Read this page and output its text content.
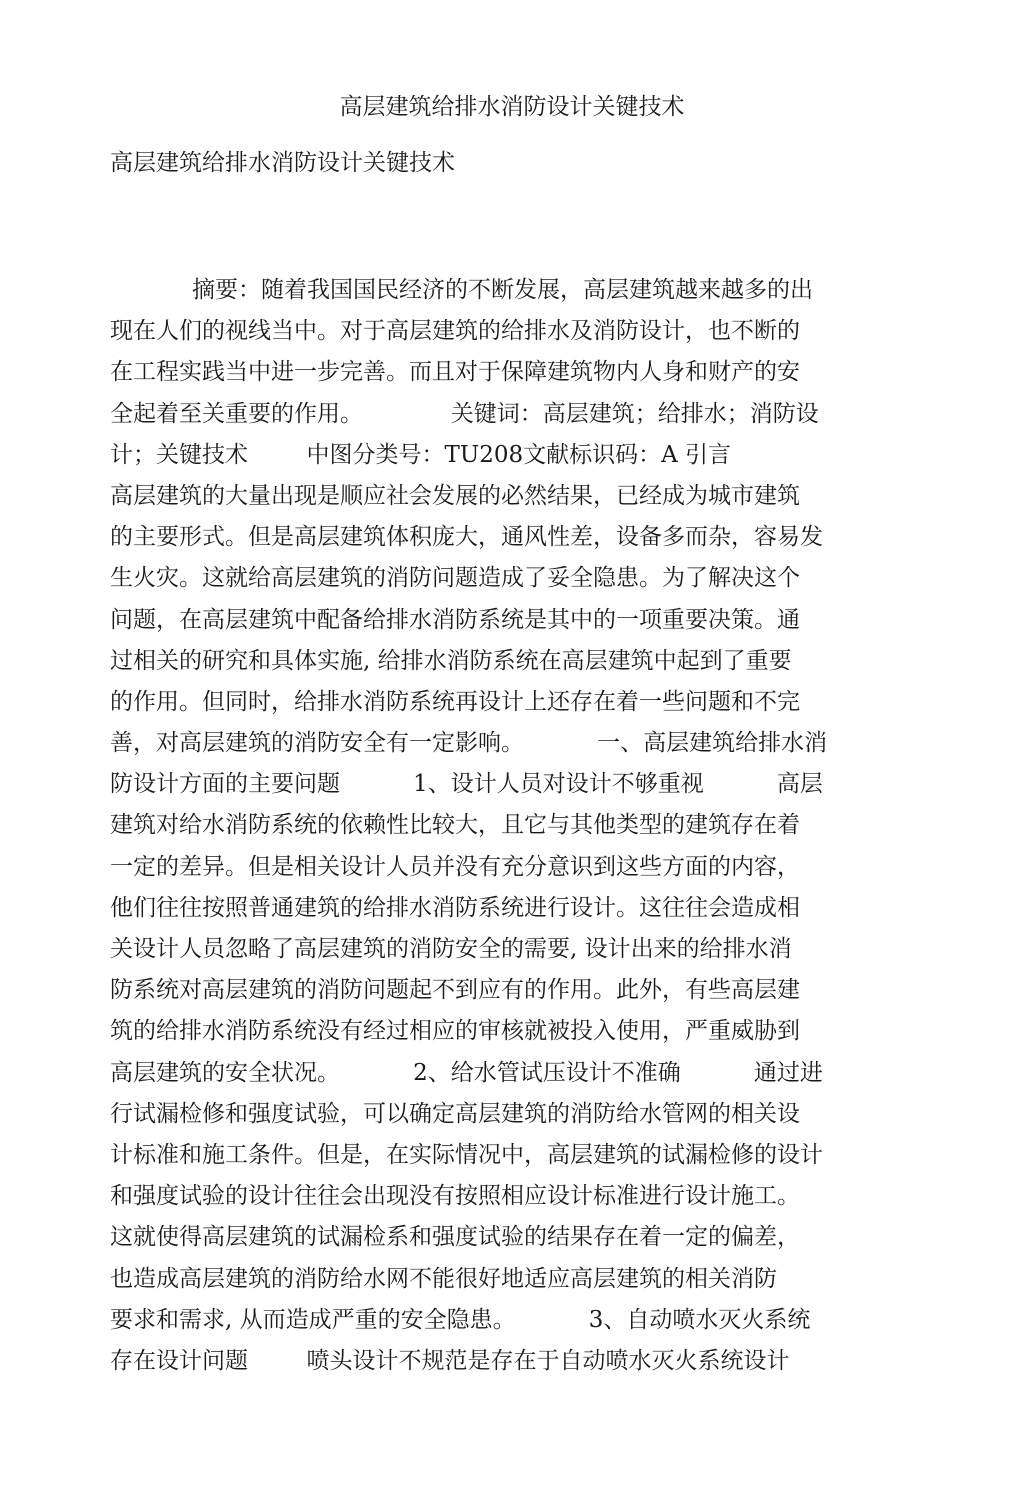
高层建筑给排水消防设计关键技术
高层建筑给排水消防设计关键技术
摘要：随着我国国民经济的不断发展，高层建筑越来越多的出
现在人们的视线当中。对于高层建筑的给排水及消防设计，也不断的
在工程实践当中进一步完善。而且对于保障建筑物内人身和财产的安
全起着至关重要的作用。            关键词：高层建筑；给排水；消防设
计；关键技术        中图分类号：TU208文献标识码：A 引言
高层建筑的大量出现是顺应社会发展的必然结果，已经成为城市建筑
的主要形式。但是高层建筑体积庞大，通风性差，设备多而杂，容易发
生火灾。这就给高层建筑的消防问题造成了妥全隐患。为了解决这个
问题，在高层建筑中配备给排水消防系统是其中的一项重要决策。通
过相关的研究和具体实施, 给排水消防系统在高层建筑中起到了重要
的作用。但同时，给排水消防系统再设计上还存在着一些问题和不完
善，对高层建筑的消防安全有一定影响。          一、高层建筑给排水消
防设计方面的主要问题          1、设计人员对设计不够重视          高层
建筑对给水消防系统的依赖性比较大，且它与其他类型的建筑存在着
一定的差异。但是相关设计人员并没有充分意识到这些方面的内容，
他们往往按照普通建筑的给排水消防系统进行设计。这往往会造成相
关设计人员忽略了高层建筑的消防安全的需要, 设计出来的给排水消
防系统对高层建筑的消防问题起不到应有的作用。此外，有些高层建
筑的给排水消防系统没有经过相应的审核就被投入使用，严重威胁到
高层建筑的安全状况。          2、给水管试压设计不准确          通过进
行试漏检修和强度试验，可以确定高层建筑的消防给水管网的相关设
计标准和施工条件。但是，在实际情况中，高层建筑的试漏检修的设计
和强度试验的设计往往会出现没有按照相应设计标准进行设计施工。
这就使得高层建筑的试漏检系和强度试验的结果存在着一定的偏差，
也造成高层建筑的消防给水网不能很好地适应高层建筑的相关消防
要求和需求, 从而造成严重的安全隐患。          3、自动喷水灭火系统
存在设计问题        喷头设计不规范是存在于自动喷水灭火系统设计
